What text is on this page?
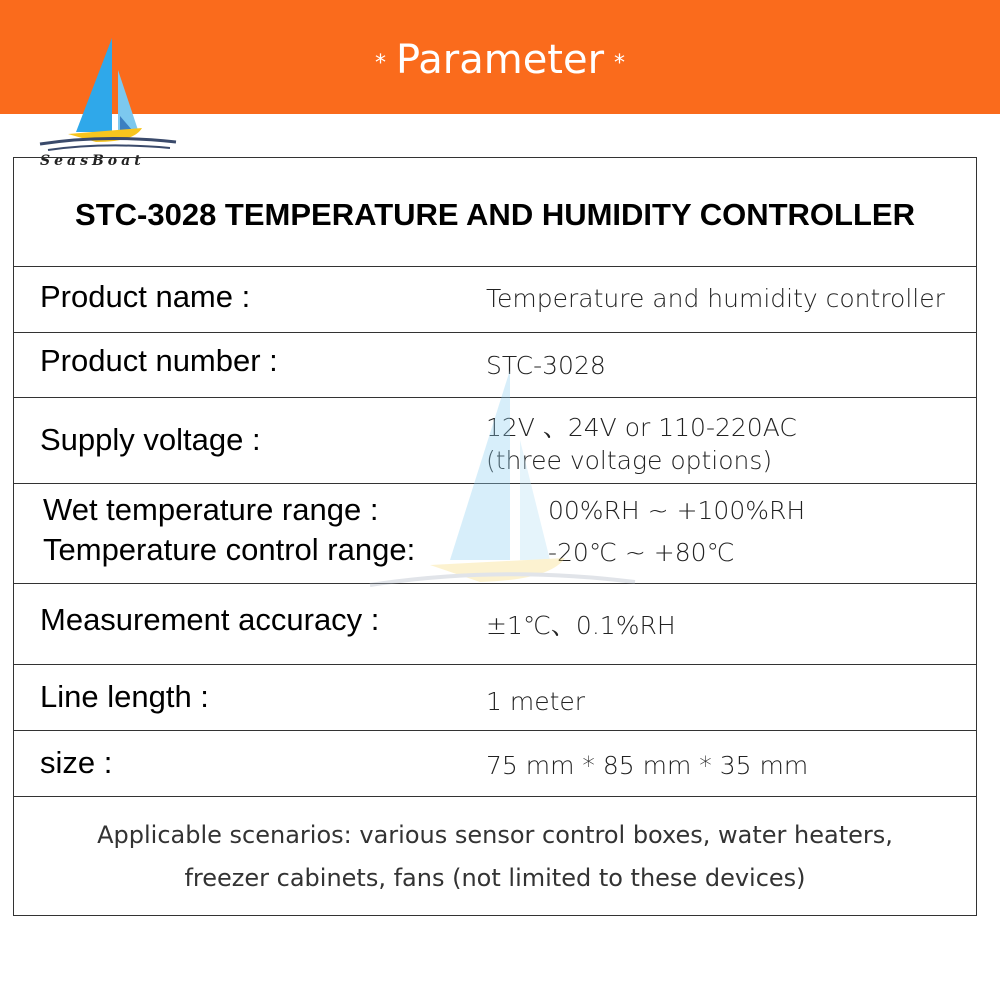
* Parameter *
SeasBoat
STC-3028 TEMPERATURE AND HUMIDITY CONTROLLER
Product name :	Temperature and humidity controller
Product number :	STC-3028
Supply voltage :	12V 、24V or 110-220AC
(three voltage options)
Wet temperature range :	00%RH ~ +100%RH
Temperature control range:	-20℃ ~ +80℃
Measurement accuracy :	±1℃、0.1%RH
Line length :	1 meter
size :	75 mm * 85 mm * 35 mm
Applicable scenarios: various sensor control boxes, water heaters,
freezer cabinets, fans (not limited to these devices)
